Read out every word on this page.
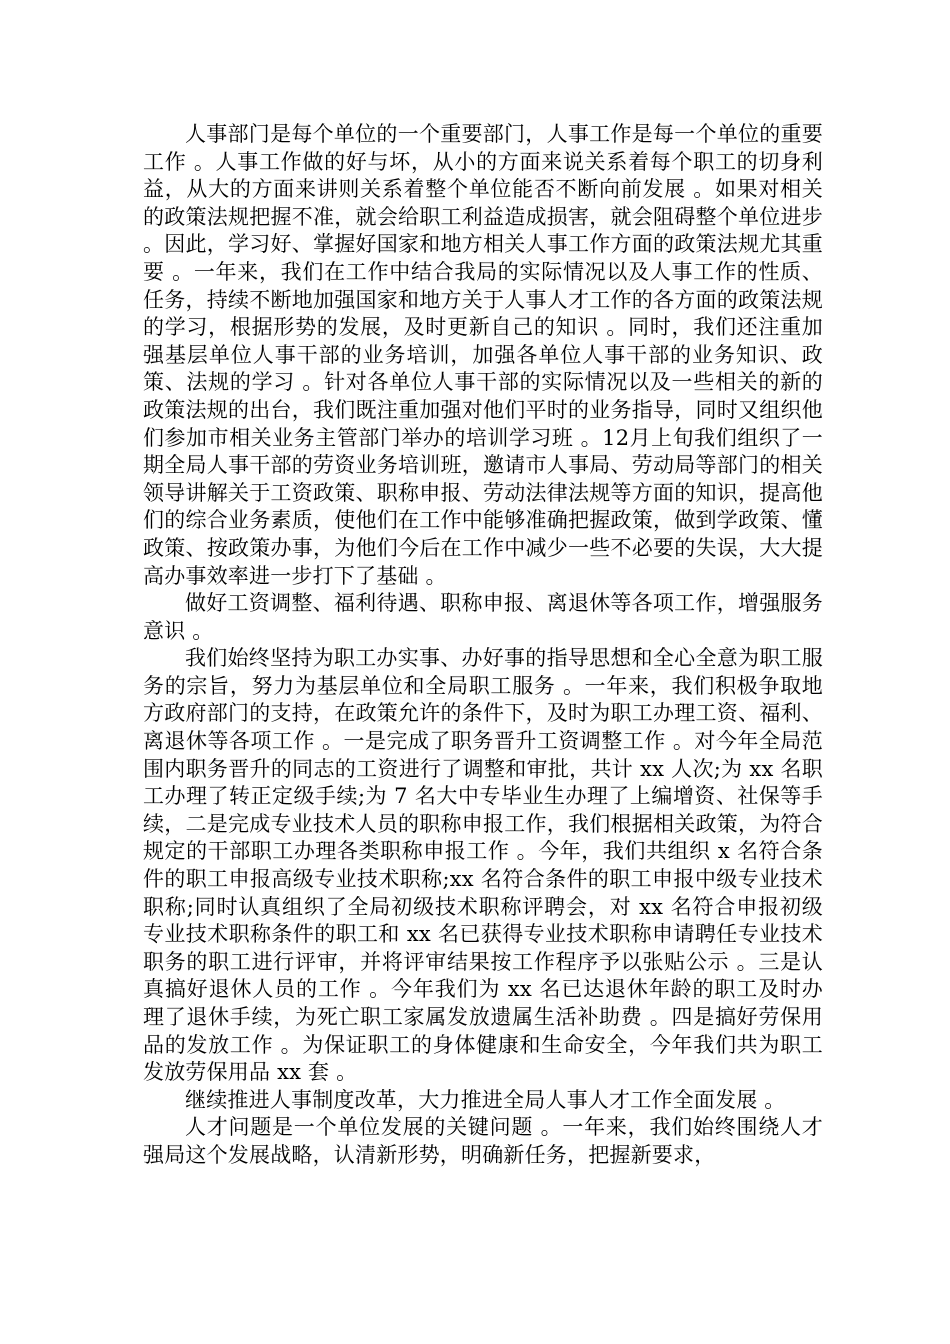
人事部门是每个单位的一个重要部门，人事工作是每一个单位的重要工作 。人事工作做的好与坏，从小的方面来说关系着每个职工的切身利益，从大的方面来讲则关系着整个单位能否不断向前发展 。如果对相关的政策法规把握不准，就会给职工利益造成损害，就会阻碍整个单位进步 。因此，学习好、掌握好国家和地方相关人事工作方面的政策法规尤其重要 。一年来，我们在工作中结合我局的实际情况以及人事工作的性质、任务，持续不断地加强国家和地方关于人事人才工作的各方面的政策法规的学习，根据形势的发展，及时更新自己的知识 。同时，我们还注重加强基层单位人事干部的业务培训，加强各单位人事干部的业务知识、政策、法规的学习 。针对各单位人事干部的实际情况以及一些相关的新的政策法规的出台，我们既注重加强对他们平时的业务指导，同时又组织他们参加市相关业务主管部门举办的培训学习班 。12月上旬我们组织了一期全局人事干部的劳资业务培训班，邀请市人事局、劳动局等部门的相关领导讲解关于工资政策、职称申报、劳动法律法规等方面的知识，提高他们的综合业务素质，使他们在工作中能够准确把握政策，做到学政策、懂政策、按政策办事，为他们今后在工作中减少一些不必要的失误，大大提高办事效率进一步打下了基础 。

做好工资调整、福利待遇、职称申报、离退休等各项工作，增强服务意识 。

我们始终坚持为职工办实事、办好事的指导思想和全心全意为职工服务的宗旨，努力为基层单位和全局职工服务 。一年来，我们积极争取地方政府部门的支持，在政策允许的条件下，及时为职工办理工资、福利、离退休等各项工作 。一是完成了职务晋升工资调整工作 。对今年全局范围内职务晋升的同志的工资进行了调整和审批，共计 xx 人次;为 xx 名职工办理了转正定级手续;为 7 名大中专毕业生办理了上编增资、社保等手续，二是完成专业技术人员的职称申报工作，我们根据相关政策，为符合规定的干部职工办理各类职称申报工作 。今年，我们共组织 x 名符合条件的职工申报高级专业技术职称;xx 名符合条件的职工申报中级专业技术职称;同时认真组织了全局初级技术职称评聘会，对 xx 名符合申报初级专业技术职称条件的职工和 xx 名已获得专业技术职称申请聘任专业技术职务的职工进行评审，并将评审结果按工作程序予以张贴公示 。三是认真搞好退休人员的工作 。今年我们为 xx 名已达退休年龄的职工及时办理了退休手续，为死亡职工家属发放遗属生活补助费 。四是搞好劳保用品的发放工作 。为保证职工的身体健康和生命安全，今年我们共为职工发放劳保用品 xx 套 。

继续推进人事制度改革，大力推进全局人事人才工作全面发展 。

人才问题是一个单位发展的关键问题 。一年来，我们始终围绕人才强局这个发展战略，认清新形势，明确新任务，把握新要求，
